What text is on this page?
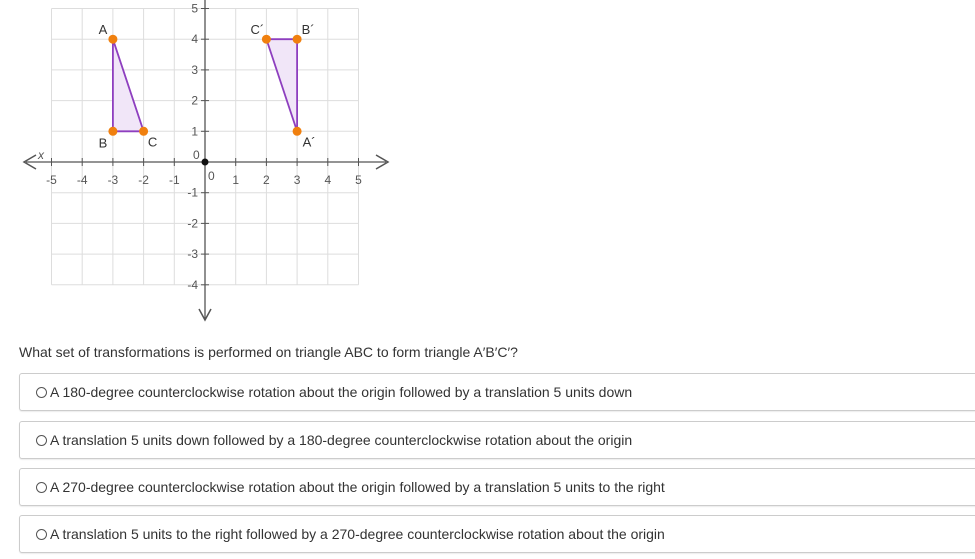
x	0
0
-5 -4 -3 -2 -1	1 2 3 4 5
5
4
3
2
1
-1
-2
-3
-4
A
B	C	A´
B´
C´
What set of transformations is performed on triangle ABC to form triangle A′B′C′?
A 180-degree counterclockwise rotation about the origin followed by a translation 5 units down
A translation 5 units down followed by a 180-degree counterclockwise rotation about the origin
A 270-degree counterclockwise rotation about the origin followed by a translation 5 units to the right
A translation 5 units to the right followed by a 270-degree counterclockwise rotation about the origin
